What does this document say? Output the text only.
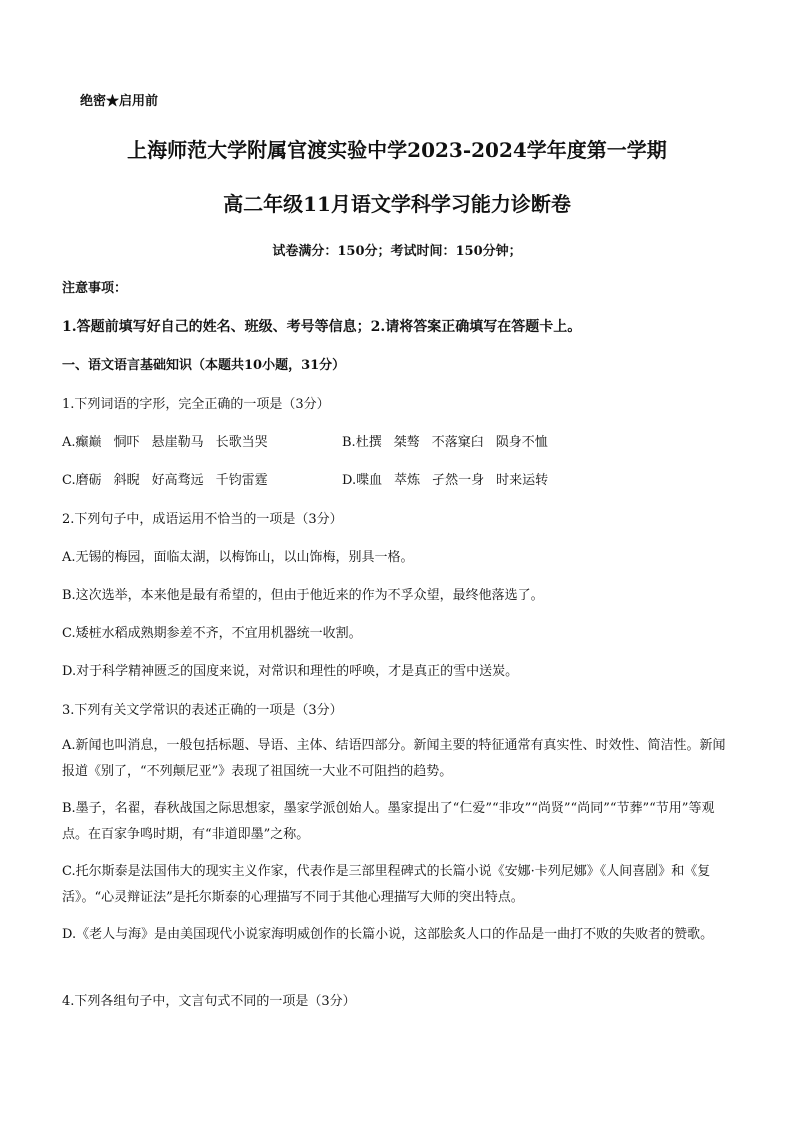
绝密★启用前
上海师范大学附属官渡实验中学2023-2024学年度第一学期
高二年级11月语文学科学习能力诊断卷
试卷满分：150分；考试时间：150分钟；
注意事项：
1.答题前填写好自己的姓名、班级、考号等信息；2.请将答案正确填写在答题卡上。
一、语文语言基础知识（本题共10小题，31分）
1.下列词语的字形，完全正确的一项是（3分）
A.癫巅 恫吓 悬崖勒马 长歌当哭	B.杜撰 桀骜 不落窠臼 陨身不恤
C.磨砺 斜睨 好高骛远 千钧雷霆	D.喋血 萃炼 孑然一身 时来运转
2.下列句子中，成语运用不恰当的一项是（3分）
A.无锡的梅园，面临太湖，以梅饰山，以山饰梅，别具一格。
B.这次选举，本来他是最有希望的，但由于他近来的作为不孚众望，最终他落选了。
C.矮桩水稻成熟期参差不齐，不宜用机器统一收割。
D.对于科学精神匮乏的国度来说，对常识和理性的呼唤，才是真正的雪中送炭。
3.下列有关文学常识的表述正确的一项是（3分）
A.新闻也叫消息，一般包括标题、导语、主体、结语四部分。新闻主要的特征通常有真实性、时效性、简洁性。新闻报道《别了，“不列颠尼亚”》表现了祖国统一大业不可阻挡的趋势。
B.墨子，名翟，春秋战国之际思想家，墨家学派创始人。墨家提出了“仁爱”“非攻”“尚贤”“尚同”“节葬”“节用”等观点。在百家争鸣时期，有“非道即墨”之称。
C.托尔斯泰是法国伟大的现实主义作家，代表作是三部里程碑式的长篇小说《安娜·卡列尼娜》《人间喜剧》和《复活》。“心灵辩证法”是托尔斯泰的心理描写不同于其他心理描写大师的突出特点。
D.《老人与海》是由美国现代小说家海明威创作的长篇小说，这部脍炙人口的作品是一曲打不败的失败者的赞歌。
4.下列各组句子中，文言句式不同的一项是（3分）
